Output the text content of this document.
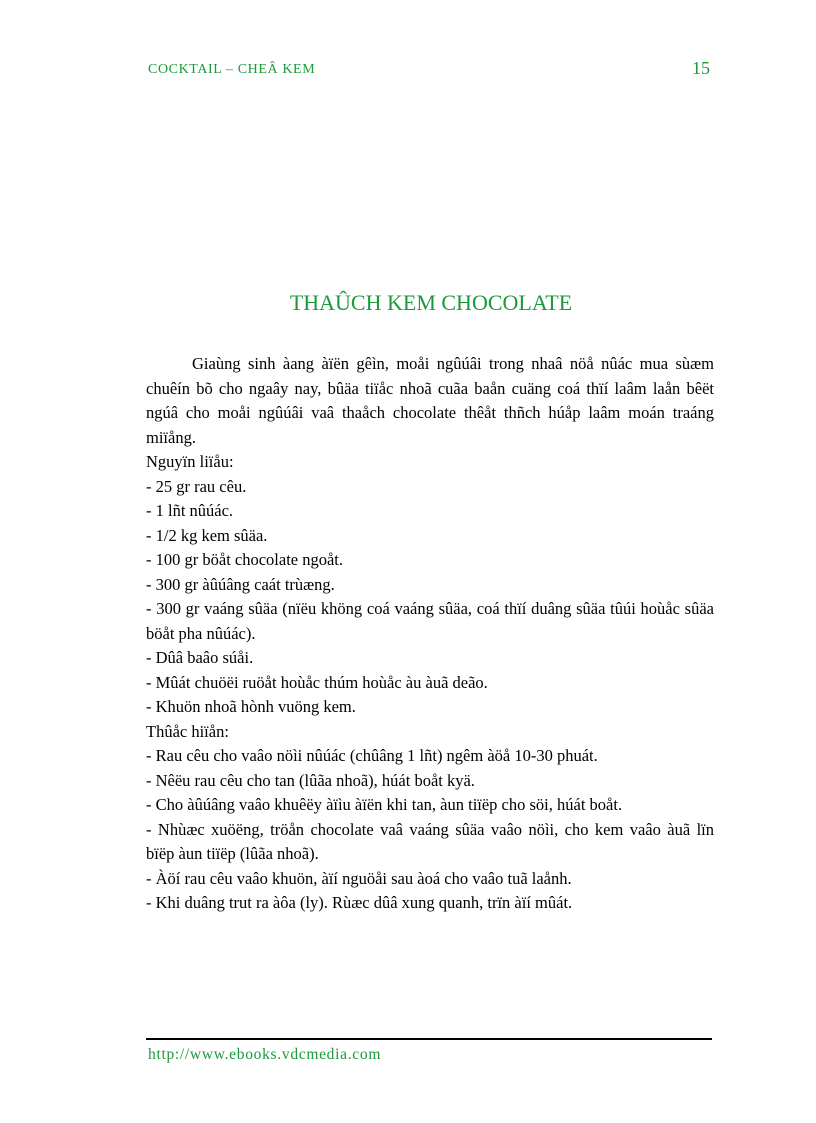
COCKTAIL – CHEÂ KEM	15
THAÛCH KEM CHOCOLATE

Giaùng sinh àang àïën gêìn, moåi ngûúâi trong nhaâ nöå nûác mua sùæm chuêín bõ cho ngaây nay, bûäa tiïåc nhoã cuãa baån cuäng coá thïí laâm laån bêët ngúâ cho moåi ngûúâi vaâ thaåch chocolate thêåt thñch húåp laâm moán traáng miïång.

Nguyïn liïåu:

- 25 gr rau cêu.

- 1 lñt nûúác.

- 1/2 kg kem sûäa.

- 100 gr böåt chocolate ngoåt.

- 300 gr àûúâng caát trùæng.

- 300 gr vaáng sûäa (nïëu khöng coá vaáng sûäa, coá thïí duâng sûäa tûúi hoùåc sûäa böåt pha nûúác).

- Dûâ baâo súåi.

- Mûát chuöëi ruöåt hoùåc thúm hoùåc àu àuã deão.

- Khuön nhoã hònh vuöng kem.

Thûåc hiïån:

- Rau cêu cho vaâo nöìi nûúác (chûâng 1 lñt) ngêm àöå 10-30 phuát.

- Nêëu rau cêu cho tan (lûãa nhoã), húát boåt kyä.

- Cho àûúâng vaâo khuêëy àïìu àïën khi tan, àun tiïëp cho söi, húát boåt.

- Nhùæc xuöëng, tröån chocolate vaâ vaáng sûäa vaâo nöìi, cho kem vaâo àuã lïn bïëp àun tiïëp (lûãa nhoã).

- Àöí rau cêu vaâo khuön, àïí nguöåi sau àoá cho vaâo tuã laånh.

- Khi duâng trut ra àôa (ly). Rùæc dûâ xung quanh, trïn àïí mûát.

http://www.ebooks.vdcmedia.com
